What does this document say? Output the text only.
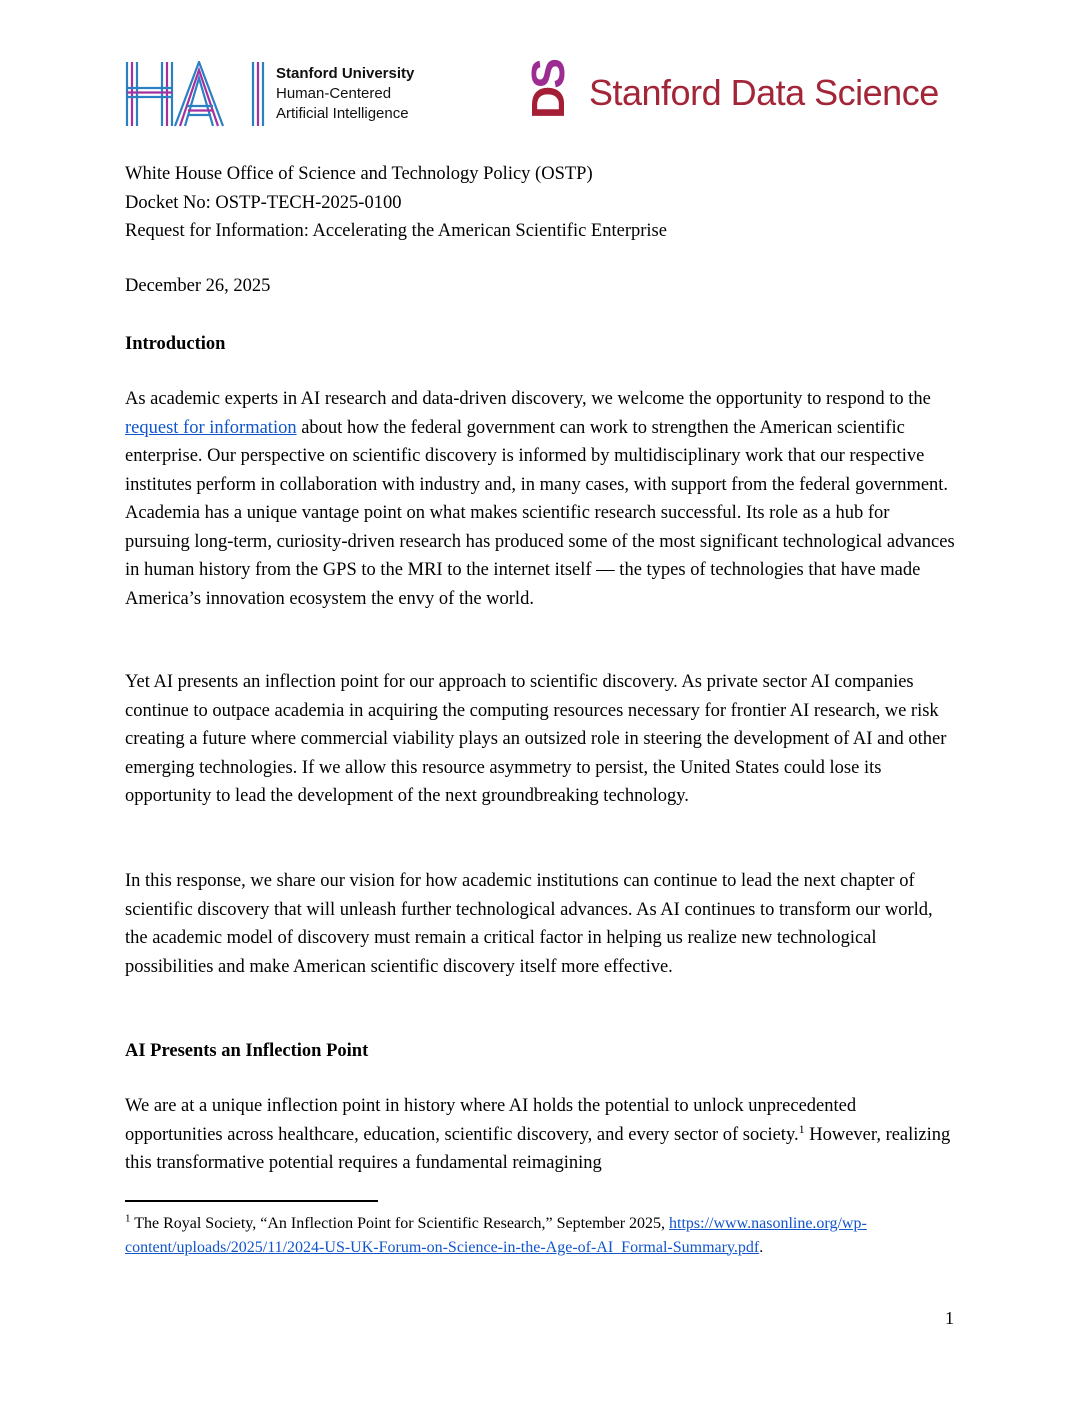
Stanford University
Human-Centered
Artificial Intelligence DS Stanford Data Science
White House Office of Science and Technology Policy (OSTP)
Docket No: OSTP-TECH-2025-0100
Request for Information: Accelerating the American Scientific Enterprise
December 26, 2025
Introduction
As academic experts in AI research and data-driven discovery, we welcome the opportunity to respond to the request for information about how the federal government can work to strengthen the American scientific enterprise. Our perspective on scientific discovery is informed by multidisciplinary work that our respective institutes perform in collaboration with industry and, in many cases, with support from the federal government. Academia has a unique vantage point on what makes scientific research successful. Its role as a hub for pursuing long-term, curiosity-driven research has produced some of the most significant technological advances in human history from the GPS to the MRI to the internet itself — the types of technologies that have made America’s innovation ecosystem the envy of the world.
Yet AI presents an inflection point for our approach to scientific discovery. As private sector AI companies continue to outpace academia in acquiring the computing resources necessary for frontier AI research, we risk creating a future where commercial viability plays an outsized role in steering the development of AI and other emerging technologies. If we allow this resource asymmetry to persist, the United States could lose its opportunity to lead the development of the next groundbreaking technology.
In this response, we share our vision for how academic institutions can continue to lead the next chapter of scientific discovery that will unleash further technological advances. As AI continues to transform our world, the academic model of discovery must remain a critical factor in helping us realize new technological possibilities and make American scientific discovery itself more effective.
AI Presents an Inflection Point
We are at a unique inflection point in history where AI holds the potential to unlock unprecedented opportunities across healthcare, education, scientific discovery, and every sector of society.$^1$ However, realizing this transformative potential requires a fundamental reimagining
$^1$ The Royal Society, “An Inflection Point for Scientific Research,” September 2025, https://www.nasonline.org/wp-content/uploads/2025/11/2024-US-UK-Forum-on-Science-in-the-Age-of-AI_Formal-Summary.pdf.
1
